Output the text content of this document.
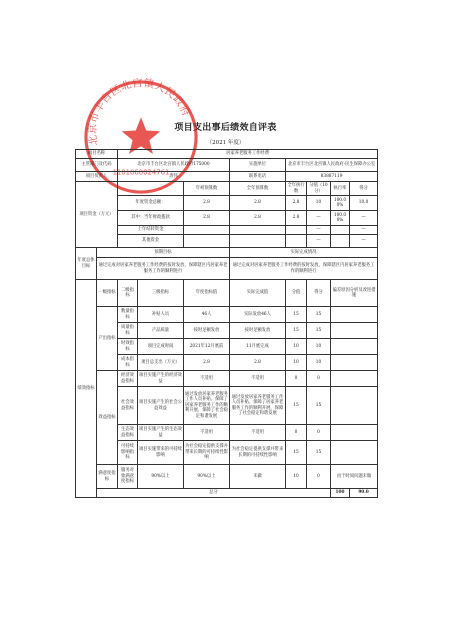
北京市丰台区北宫镇人民政府
1101060024761
项目支出事后绩效自评表
（2021 年度）
项目名称		居家养老服务工作经费								
主管部门及代码		北京市丰台区北宫镇人民政府175000			实施单位	北京市丰台区北宫镇人民政府-民生保障办公室				
项目负责人		唐伟			联系电话	83887119				
项目资金（万元）				年初预算数	全年预算数	全年执行数	分值（10分）	执行率	得分	
		年度资金总额：		2.8	2.8	2.8	10	100.00%	10.0	
		其中：当年财政拨款		2.8	2.8	2.8	—	100.00%	—	
		上年结转资金					—		—	
		其他资金					—		—	
年度总体目标	预期目标				实际完成情况					
	通过完成对居家养老服务工作经费的按时发放，保障辖区内居家养老服务工作的顺利进行				通过完成对居家养老服务工作经费的按时发放，保障辖区内居家养老服务工作的顺利进行					
绩效指标	一级指标	二级指标	三级指标	年度指标值	实际完成值	分值	得分	偏差原因分析及改进措施		
	产出指标	数量指标	补贴人员	46人	实际发放46人	15	15			
		质量指标	产品质量	按时足额发放	按时足额发放	15	15			
		时效指标	项目完成时间	2021年12月底前	11月底完成	10	10			
		成本指标	项目总支出（万元）	2.8	2.8	10	10			
	效益指标	经济效益指标	项目实施产生的经济效益	不适用	不适用	0	0			
		社会效益指标	项目实施产生的社会公益效益	通过发放居家养老服务工作人员补贴，保障了居家养老服务工作的顺利开展，保障了社会稳定和谐发展	通过发放居家养老服务工作人员补贴，保障了居家养老服务工作的顺利开展，保障了社会稳定和谐发展	15	15			
		生态效益指标	项目实施产生的生态效益	不适用	不适用	0	0			
		可持续影响指标	项目实施带来的可持续影响	为社会稳定提供支撑并带来长期的可持续性影响	为社会稳定提供支撑并带来长期的可持续性影响	15	15			
	满意度指标	服务对象满意度指标	90%以上	90%以上	未做	10	0	由于时间问题未做		
	总分							100	90.0	
